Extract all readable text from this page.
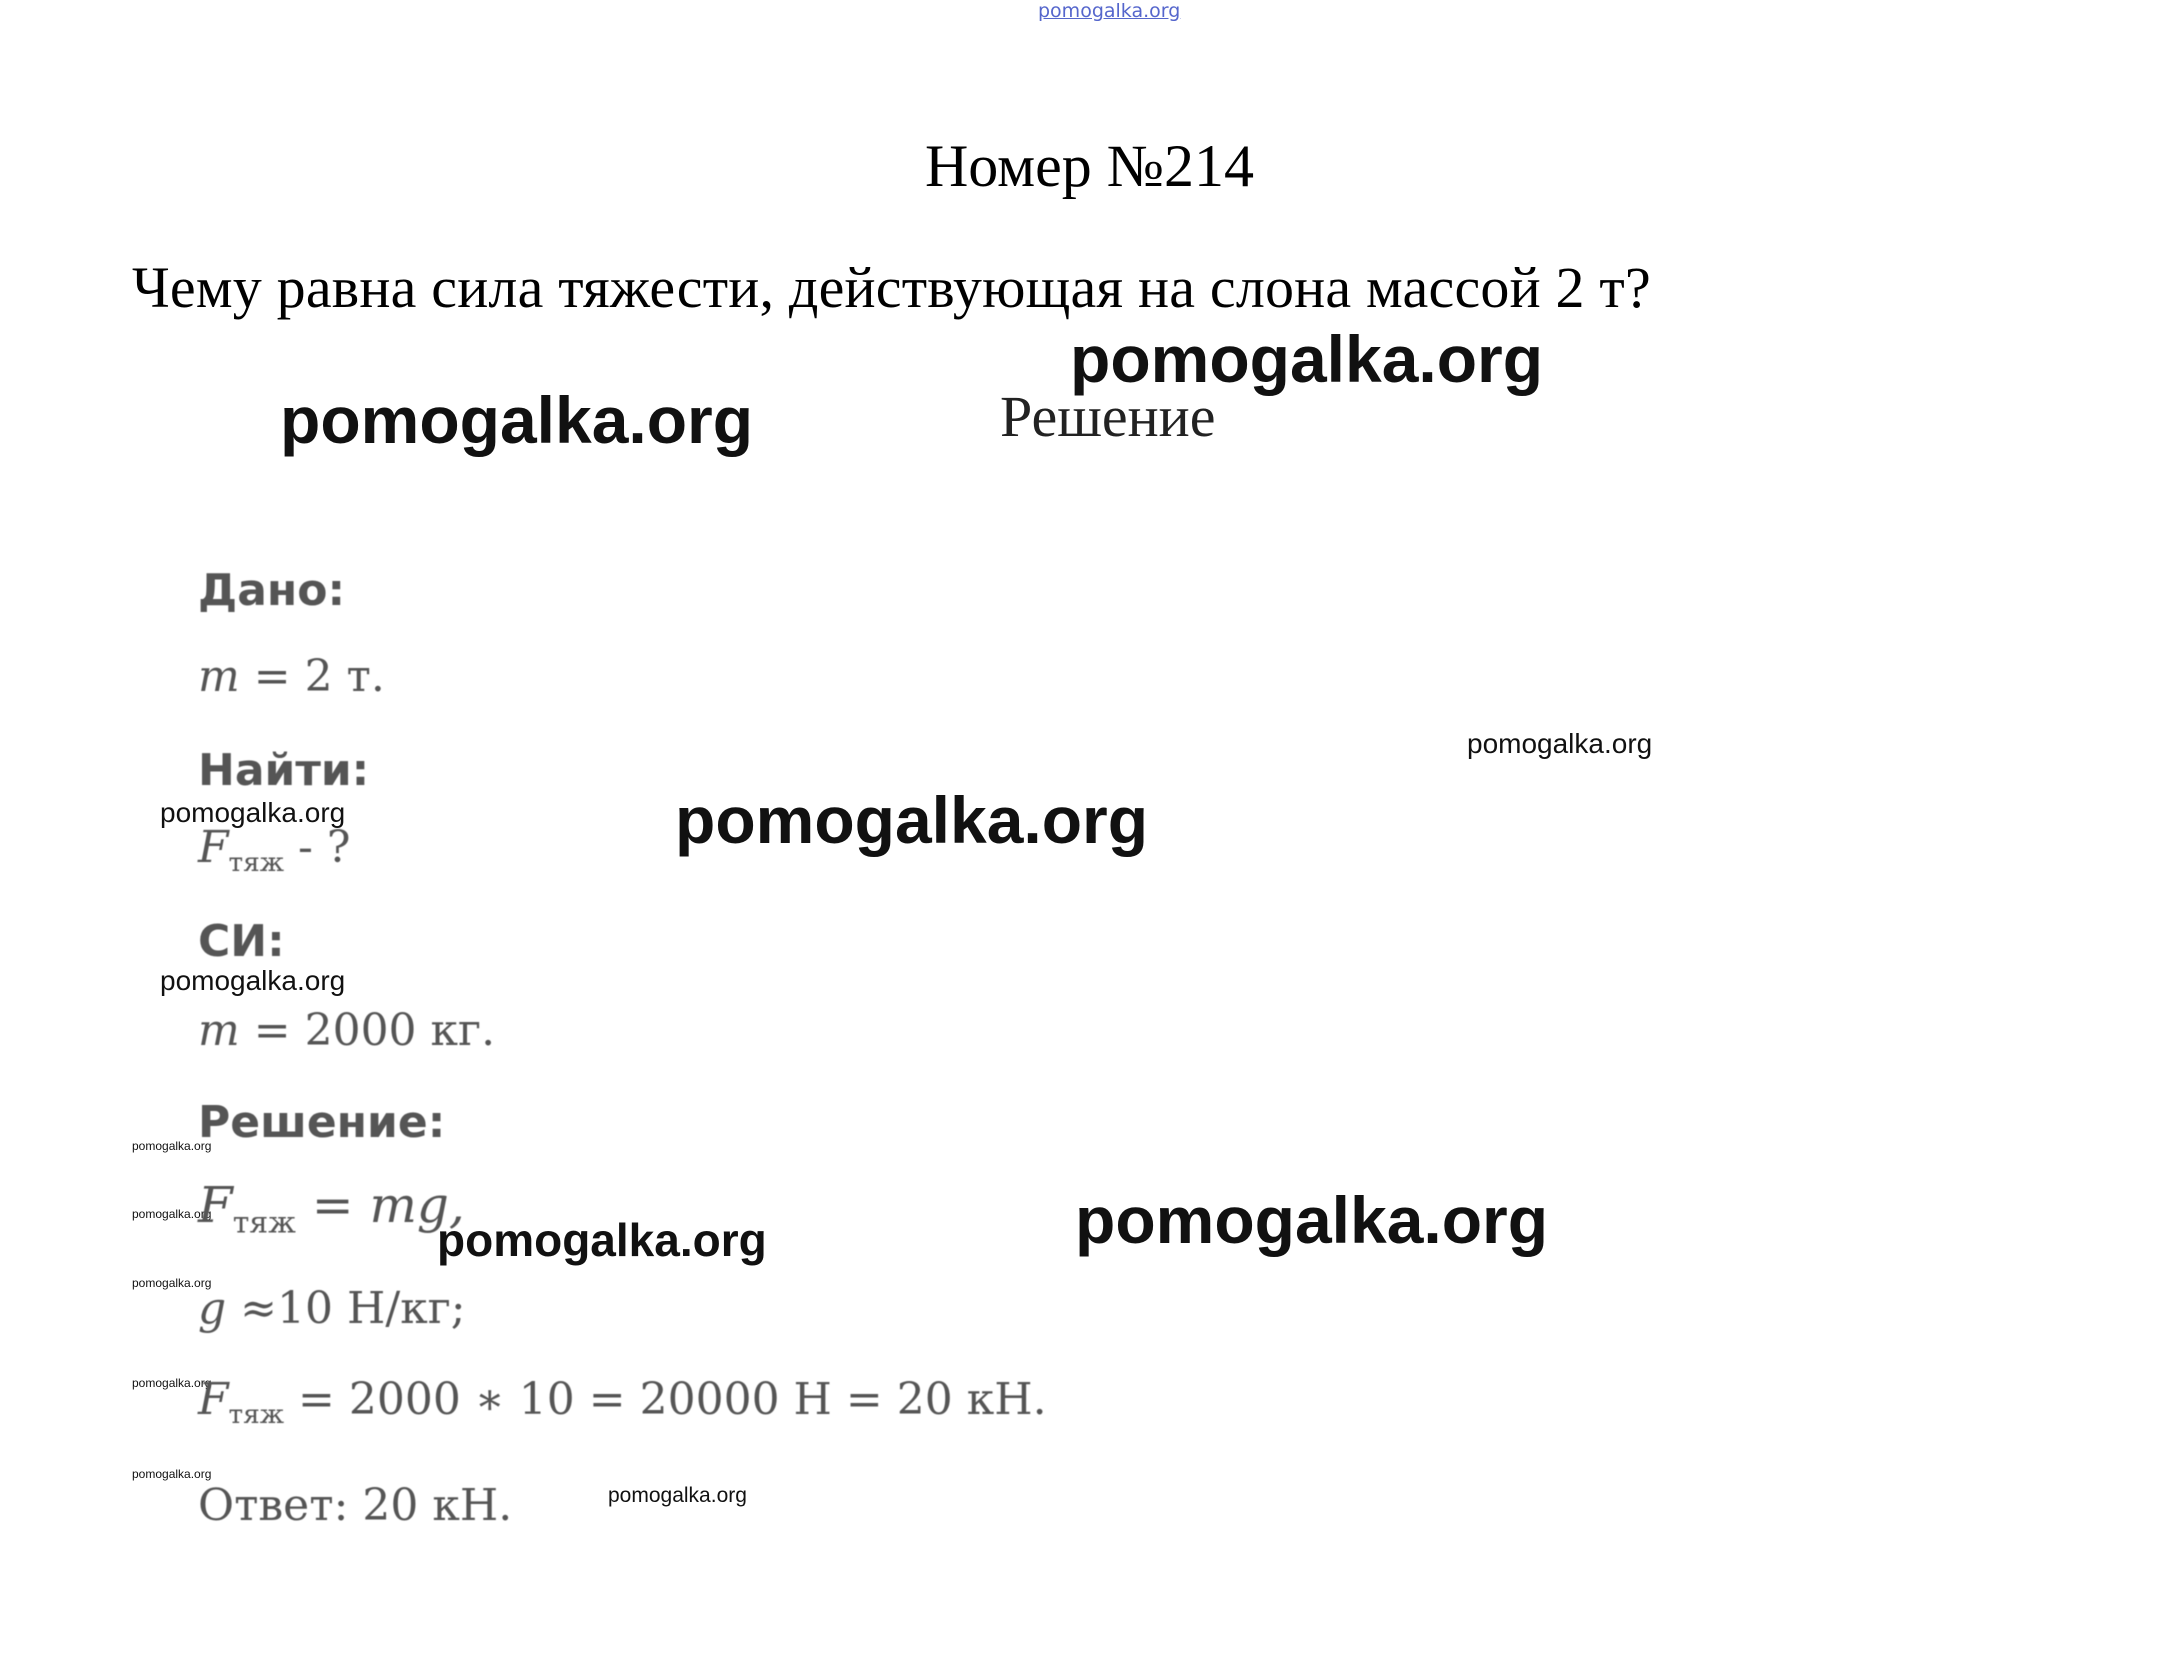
pomogalka.org
Номер №214
Чему равна сила тяжести, действующая на слона массой 2 т?
Решение
pomogalka.org
pomogalka.org
pomogalka.org
pomogalka.org	pomogalka.org
pomogalka.org
pomogalka.org
pomogalka.org	pomogalka.org	pomogalka.org
pomogalka.org
pomogalka.org
pomogalka.org
pomogalka.org
Дано:
m = 2 т.
Найти:
$F_{тяж}$ - ?
СИ:
m = 2000 кг.
Решение:
$F_{тяж}$ = mg,
g ≈10 Н/кг;
$F_{тяж} = 2000$ ∗ 10 = 20000 Н = 20 кН.
Ответ: 20 кН.
